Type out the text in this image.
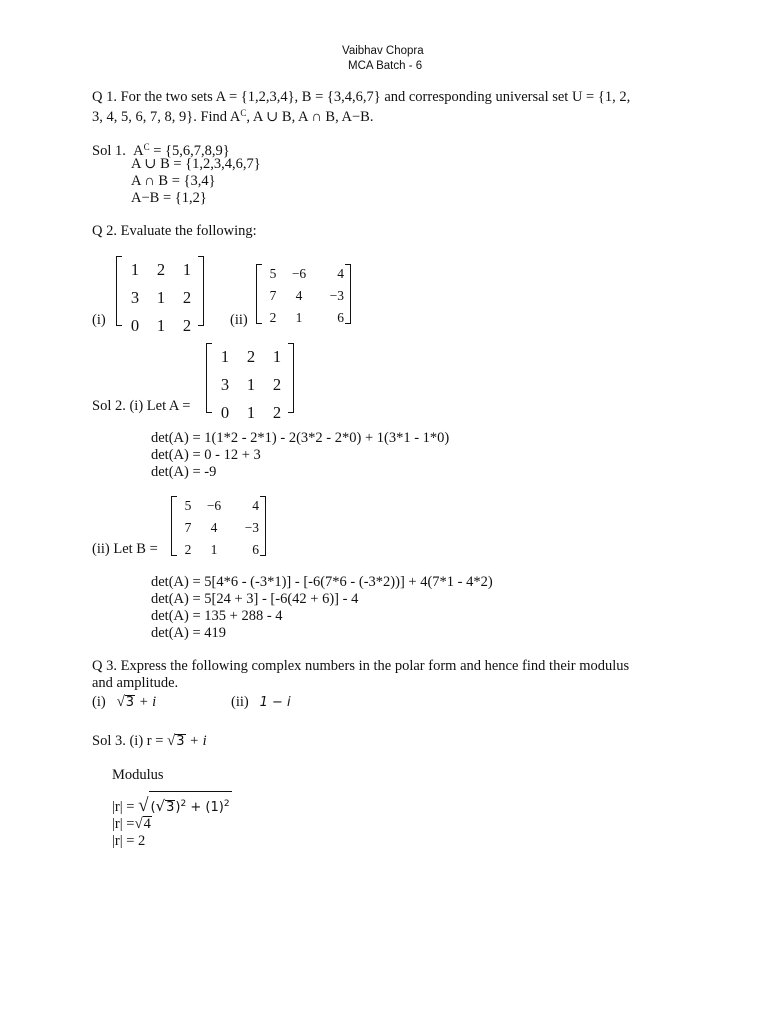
Vaibhav Chopra
MCA Batch - 6
Q 1. For the two sets A = {1,2,3,4}, B = {3,4,6,7} and corresponding universal set U = {1, 2,
3, 4, 5, 6, 7, 8, 9}. Find $A^C$, A ∪ B, A ∩ B, A−B.
Sol 1. $A^C = \{5,6,7,8,9\}$
A ∪ B = {1,2,3,4,6,7}
A ∩ B = {3,4}
A−B = {1,2}
Q 2. Evaluate the following:
(i)
1	2	1
3	1	2
0	1	2	(ii)
5	−6	4
7	4	−3
2	1	6
Sol 2. (i) Let A =
1	2	1
3	1	2
0	1	2
det(A) = 1(1*2 - 2*1) - 2(3*2 - 2*0) + 1(3*1 - 1*0)
det(A) = 0 - 12 + 3
det(A) = -9
(ii) Let B =
5	−6	4
7	4	−3
2	1	6
det(A) = 5[4*6 - (-3*1)] - [-6(7*6 - (-3*2))] + 4(7*1 - 4*2)
det(A) = 5[24 + 3] - [-6(42 + 6)] - 4
det(A) = 135 + 288 - 4
det(A) = 419
Q 3. Express the following complex numbers in the polar form and hence find their modulus
and amplitude.
(i) √3 + i	(ii) 1 − i
Sol 3. (i) r = √3 + i
Modulus
|r| = √ $(√3)^2 + (1)^2$
|r| =√4
|r| = 2
